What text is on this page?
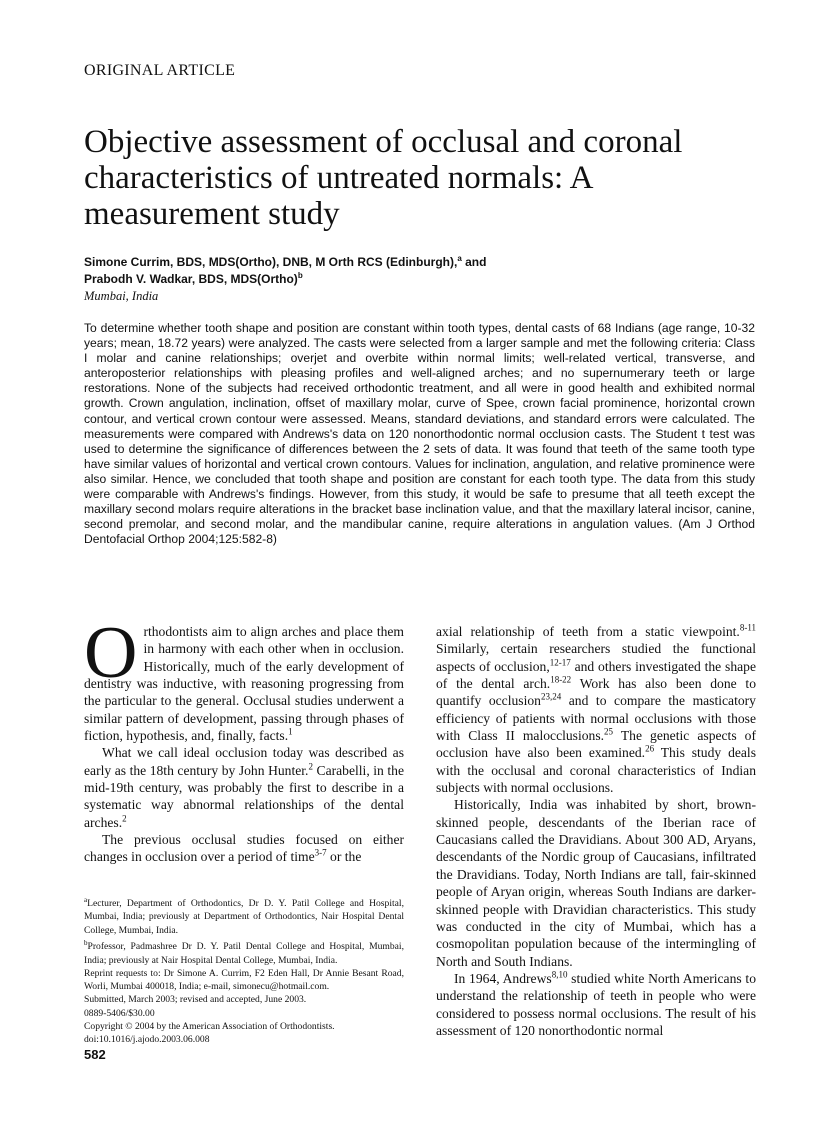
ORIGINAL ARTICLE
Objective assessment of occlusal and coronal characteristics of untreated normals: A measurement study
Simone Currim, BDS, MDS(Ortho), DNB, M Orth RCS (Edinburgh),$^a$ and
Prabodh V. Wadkar, BDS, MDS(Ortho)$^b$
Mumbai, India

To determine whether tooth shape and position are constant within tooth types, dental casts of 68 Indians (age range, 10-32 years; mean, 18.72 years) were analyzed. The casts were selected from a larger sample and met the following criteria: Class I molar and canine relationships; overjet and overbite within normal limits; well-related vertical, transverse, and anteroposterior relationships with pleasing profiles and well-aligned arches; and no supernumerary teeth or large restorations. None of the subjects had received orthodontic treatment, and all were in good health and exhibited normal growth. Crown angulation, inclination, offset of maxillary molar, curve of Spee, crown facial prominence, horizontal crown contour, and vertical crown contour were assessed. Means, standard deviations, and standard errors were calculated. The measurements were compared with Andrews's data on 120 nonorthodontic normal occlusion casts. The Student t test was used to determine the significance of differences between the 2 sets of data. It was found that teeth of the same tooth type have similar values of horizontal and vertical crown contours. Values for inclination, angulation, and relative prominence were also similar. Hence, we concluded that tooth shape and position are constant for each tooth type. The data from this study were comparable with Andrews's findings. However, from this study, it would be safe to presume that all teeth except the maxillary second molars require alterations in the bracket base inclination value, and that the maxillary lateral incisor, canine, second premolar, and second molar, and the mandibular canine, require alterations in angulation values. (Am J Orthod Dentofacial Orthop 2004;125:582-8)

Orthodontists aim to align arches and place them in harmony with each other when in occlusion. Historically, much of the early development of dentistry was inductive, with reasoning progressing from the particular to the general. Occlusal studies underwent a similar pattern of development, passing through phases of fiction, hypothesis, and, finally, facts.$^1$

What we call ideal occlusion today was described as early as the 18th century by John Hunter.$^2$ Carabelli, in the mid-19th century, was probably the first to describe in a systematic way abnormal relationships of the dental arches.$^2$

The previous occlusal studies focused on either changes in occlusion over a period of time$^{3-7}$ or the

axial relationship of teeth from a static viewpoint.$^{8-11}$ Similarly, certain researchers studied the functional aspects of occlusion,$^{12-17}$ and others investigated the shape of the dental arch.$^{18-22}$ Work has also been done to quantify occlusion$^{23,24}$ and to compare the masticatory efficiency of patients with normal occlusions with those with Class II malocclusions.$^{25}$ The genetic aspects of occlusion have also been examined.$^{26}$ This study deals with the occlusal and coronal characteristics of Indian subjects with normal occlusions.

Historically, India was inhabited by short, brown-skinned people, descendants of the Iberian race of Caucasians called the Dravidians. About 300 AD, Aryans, descendants of the Nordic group of Caucasians, infiltrated the Dravidians. Today, North Indians are tall, fair-skinned people of Aryan origin, whereas South Indians are darker-skinned people with Dravidian characteristics. This study was conducted in the city of Mumbai, which has a cosmopolitan population because of the intermingling of North and South Indians.

In 1964, Andrews$^{8,10}$ studied white North Americans to understand the relationship of teeth in people who were considered to possess normal occlusions. The result of his assessment of 120 nonorthodontic normal

$^a$Lecturer, Department of Orthodontics, Dr D. Y. Patil College and Hospital, Mumbai, India; previously at Department of Orthodontics, Nair Hospital Dental College, Mumbai, India.
$^b$Professor, Padmashree Dr D. Y. Patil Dental College and Hospital, Mumbai, India; previously at Nair Hospital Dental College, Mumbai, India.
Reprint requests to: Dr Simone A. Currim, F2 Eden Hall, Dr Annie Besant Road, Worli, Mumbai 400018, India; e-mail, simonecu@hotmail.com.
Submitted, March 2003; revised and accepted, June 2003.
0889-5406/$30.00
Copyright © 2004 by the American Association of Orthodontists.
doi:10.1016/j.ajodo.2003.06.008
582
